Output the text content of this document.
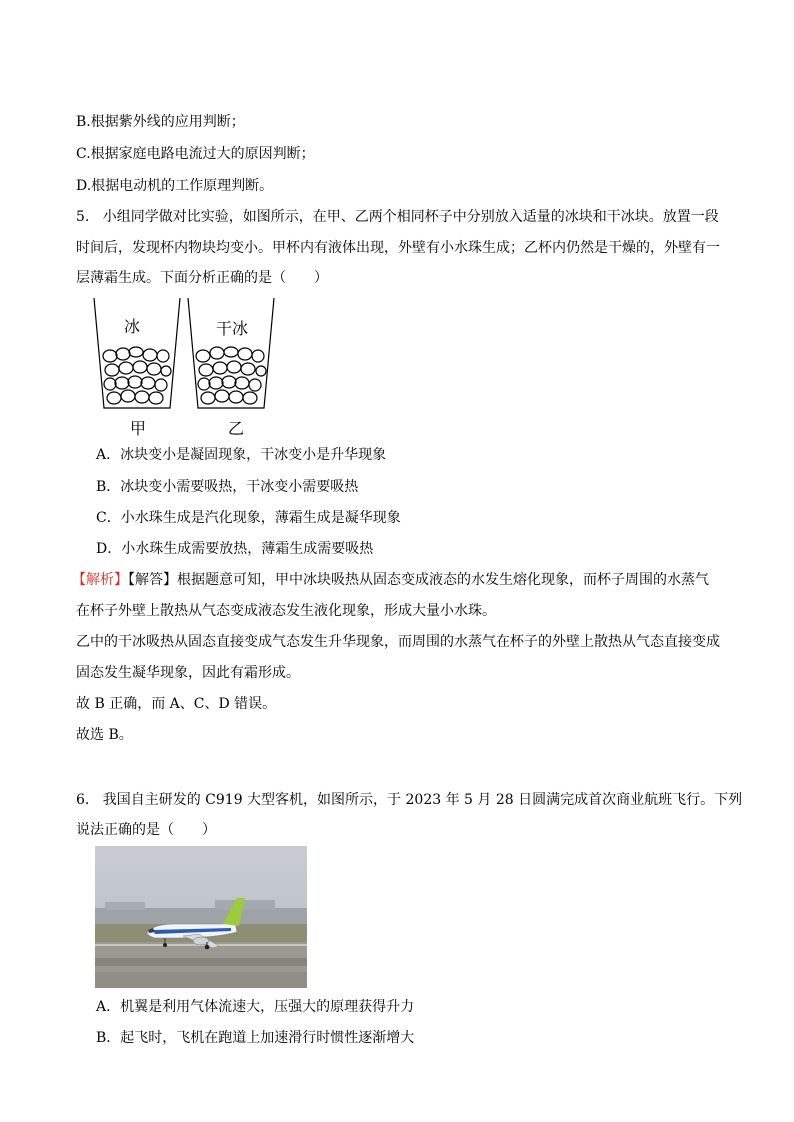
B.根据紫外线的应用判断；
C.根据家庭电路电流过大的原因判断；
D.根据电动机的工作原理判断。
5. 小组同学做对比实验，如图所示，在甲、乙两个相同杯子中分别放入适量的冰块和干冰块。放置一段
时间后，发现杯内物块均变小。甲杯内有液体出现，外壁有小水珠生成；乙杯内仍然是干燥的，外壁有一
层薄霜生成。下面分析正确的是（　　）
冰	干冰
甲	乙
A．冰块变小是凝固现象，干冰变小是升华现象
B．冰块变小需要吸热，干冰变小需要吸热
C．小水珠生成是汽化现象，薄霜生成是凝华现象
D．小水珠生成需要放热，薄霜生成需要吸热
【解析】【解答】根据题意可知，甲中冰块吸热从固态变成液态的水发生熔化现象，而杯子周围的水蒸气
在杯子外壁上散热从气态变成液态发生液化现象，形成大量小水珠。
乙中的干冰吸热从固态直接变成气态发生升华现象，而周围的水蒸气在杯子的外壁上散热从气态直接变成
固态发生凝华现象，因此有霜形成。
故 B 正确，而 A、C、D 错误。
故选 B。
6. 我国自主研发的 C919 大型客机，如图所示，于 2023 年 5 月 28 日圆满完成首次商业航班飞行。下列
说法正确的是（　　）
A．机翼是利用气体流速大，压强大的原理获得升力
B．起飞时，飞机在跑道上加速滑行时惯性逐渐增大
